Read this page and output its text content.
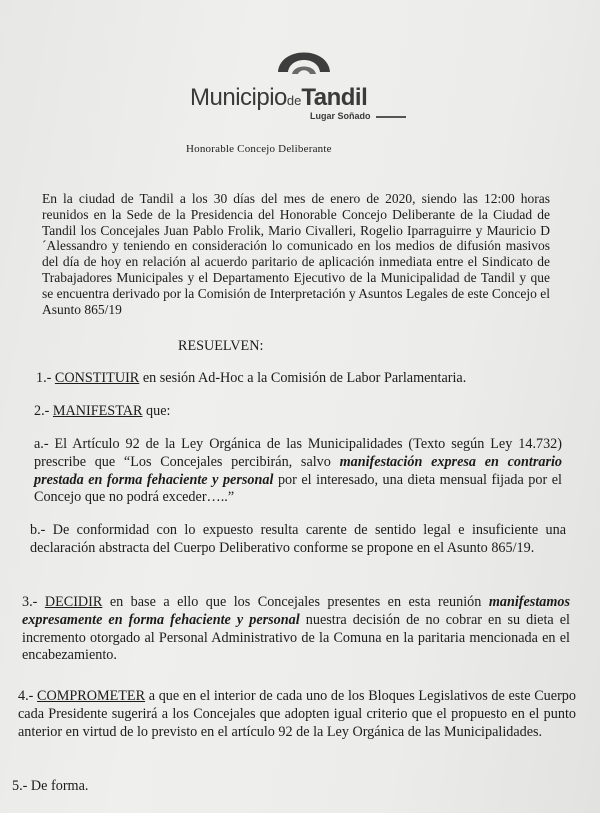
MunicipiodeTandil
Lugar Soñado
Honorable Concejo Deliberante

En la ciudad de Tandil a los 30 días del mes de enero de 2020, siendo las 12:00 horas reunidos en la Sede de la Presidencia del Honorable Concejo Deliberante de la Ciudad de Tandil los Concejales Juan Pablo Frolik, Mario Civalleri, Rogelio Iparraguirre y Mauricio D´Alessandro y teniendo en consideración lo comunicado en los medios de difusión masivos del día de hoy en relación al acuerdo paritario de aplicación inmediata entre el Sindicato de Trabajadores Municipales y el Departamento Ejecutivo de la Municipalidad de Tandil y que se encuentra derivado por la Comisión de Interpretación y Asuntos Legales de este Concejo el Asunto 865/19

RESUELVEN:

1.- CONSTITUIR en sesión Ad-Hoc a la Comisión de Labor Parlamentaria.

2.- MANIFESTAR que:

a.- El Artículo 92 de la Ley Orgánica de las Municipalidades (Texto según Ley 14.732) prescribe que “Los Concejales percibirán, salvo manifestación expresa en contrario prestada en forma fehaciente y personal por el interesado, una dieta mensual fijada por el Concejo que no podrá exceder…..”

b.- De conformidad con lo expuesto resulta carente de sentido legal e insuficiente una declaración abstracta del Cuerpo Deliberativo conforme se propone en el Asunto 865/19.

3.- DECIDIR en base a ello que los Concejales presentes en esta reunión manifestamos expresamente en forma fehaciente y personal nuestra decisión de no cobrar en su dieta el incremento otorgado al Personal Administrativo de la Comuna en la paritaria mencionada en el encabezamiento.

4.- COMPROMETER a que en el interior de cada uno de los Bloques Legislativos de este Cuerpo cada Presidente sugerirá a los Concejales que adopten igual criterio que el propuesto en el punto anterior en virtud de lo previsto en el artículo 92 de la Ley Orgánica de las Municipalidades.

5.- De forma.
